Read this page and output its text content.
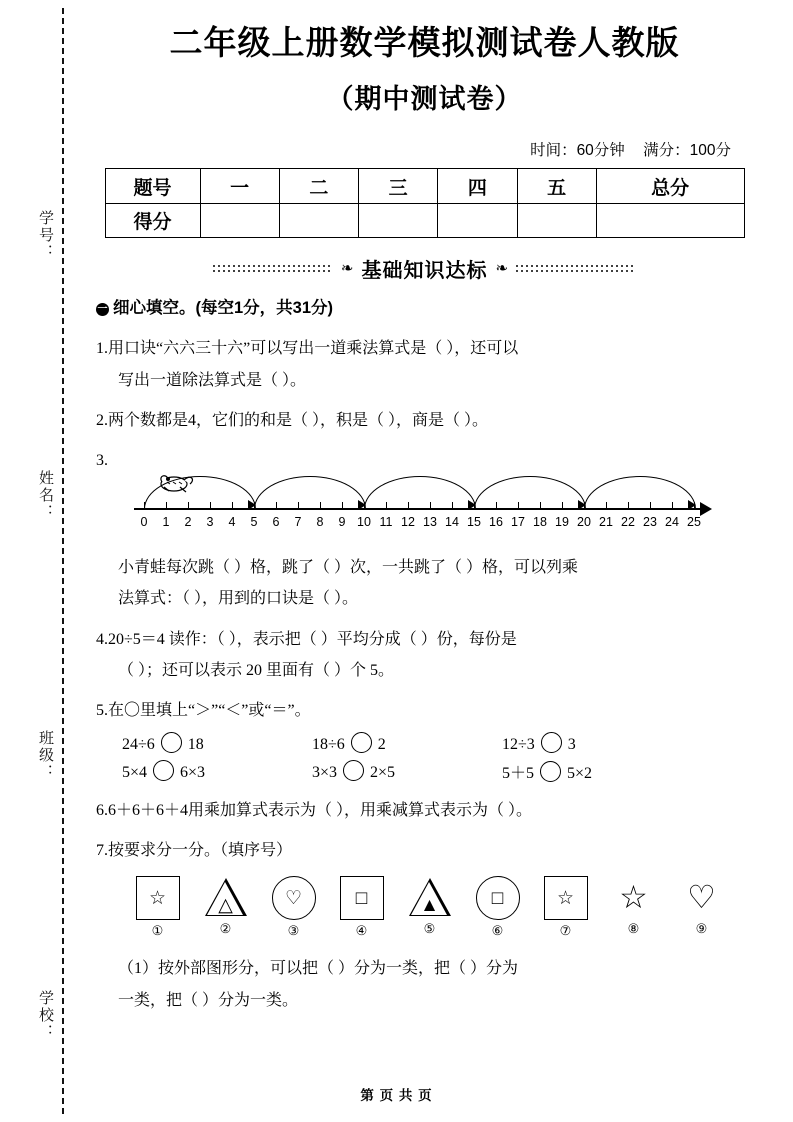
学号：
姓名：
班级：
学校：
二年级上册数学模拟测试卷人教版
（期中测试卷）
时间：60分钟 满分：100分
题号	一	二	三	四	五	总分
得分						
❧ 基础知识达标 ❧
一 细心填空。(每空1分，共31分)
1.用口诀“六六三十六”可以写出一道乘法算式是（ ），还可以
写出一道除法算式是（ ）。
2.两个数都是4，它们的和是（ ），积是（ ），商是（ ）。
3.
0 1 2 3 4 5 6 7 8 9 10 11 12 13 14 15 16 17 18 19 20 21 22 23 24 25
小青蛙每次跳（ ）格，跳了（ ）次，一共跳了（ ）格，可以列乘
法算式：（ ），用到的口诀是（ ）。
4.20÷5＝4 读作：（ ），表示把（ ）平均分成（ ）份，每份是
（ ）；还可以表示 20 里面有（ ）个 5。
5.在〇里填上“＞”“＜”或“＝”。
24÷6 18	18÷6 2	12÷3 3
5×4 6×3	3×3 2×5	5＋5 5×2
6.6＋6＋6＋4用乘加算式表示为（ ），用乘减算式表示为（ ）。
7.按要求分一分。（填序号）
☆
①
△
②
♡
③
□
④
▲
⑤
□
⑥
☆
⑦
☆
⑧
♡
⑨
（1）按外部图形分，可以把（ ）分为一类，把（ ）分为
一类，把（ ）分为一类。
第 页 共 页
